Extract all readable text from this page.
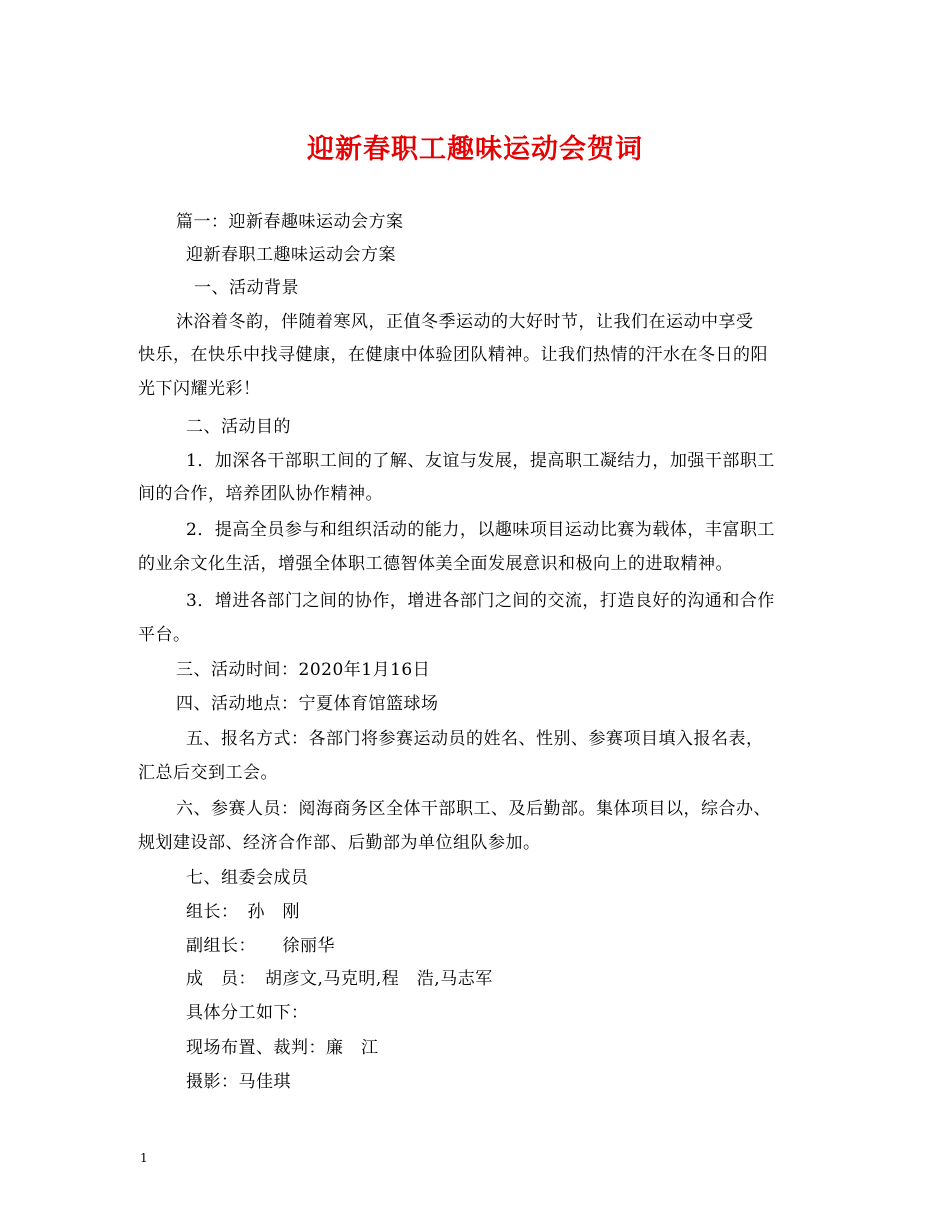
迎新春职工趣味运动会贺词
篇一：迎新春趣味运动会方案
迎新春职工趣味运动会方案
一、活动背景
沐浴着冬韵，伴随着寒风，正值冬季运动的大好时节，让我们在运动中享受
快乐，在快乐中找寻健康，在健康中体验团队精神。让我们热情的汗水在冬日的阳
光下闪耀光彩！
二、活动目的
1．加深各干部职工间的了解、友谊与发展，提高职工凝结力，加强干部职工
间的合作，培养团队协作精神。
2．提高全员参与和组织活动的能力，以趣味项目运动比赛为载体，丰富职工
的业余文化生活，增强全体职工德智体美全面发展意识和极向上的进取精神。
3．增进各部门之间的协作，增进各部门之间的交流，打造良好的沟通和合作
平台。
三、活动时间：2020年1月16日
四、活动地点：宁夏体育馆篮球场
五、报名方式：各部门将参赛运动员的姓名、性别、参赛项目填入报名表，
汇总后交到工会。
六、参赛人员：阅海商务区全体干部职工、及后勤部。集体项目以，综合办、
规划建设部、经济合作部、后勤部为单位组队参加。
七、组委会成员
组长：　孙　刚
副组长：　　徐丽华
成　员：　胡彦文,马克明,程　浩,马志军
具体分工如下：
现场布置、裁判：廉　江
摄影：马佳琪
1
